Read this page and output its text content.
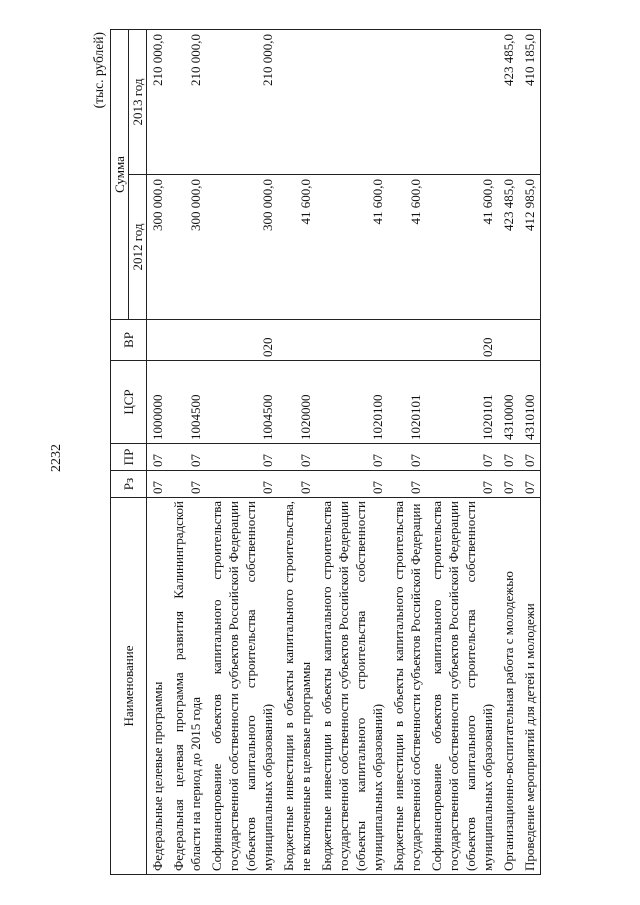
2232
(тыс. рублей)
Наименование	Рз	ПР	ЦСР	ВР	Сумма	
					2012 год	2013 год
Федеральные целевые программы	07	07	1000000		300 000,0	210 000,0
Федеральная целевая программа развития Калининградской области на период до 2015 года	07	07	1004500		300 000,0	210 000,0
Софинансирование объектов капитального строительства государственной собственности субъектов Российской Федерации (объектов капитального строительства собственности муниципальных образований)	07	07	1004500	020	300 000,0	210 000,0
Бюджетные инвестиции в объекты капитального строительства, не включенные в целевые программы	07	07	1020000		41 600,0	
Бюджетные инвестиции в объекты капитального строительства государственной собственности субъектов Российской Федерации (объекты капитального строительства собственности муниципальных образований)	07	07	1020100		41 600,0	
Бюджетные инвестиции в объекты капитального строительства государственной собственности субъектов Российской Федерации	07	07	1020101		41 600,0	
Софинансирование объектов капитального строительства государственной собственности субъектов Российской Федерации (объектов капитального строительства собственности муниципальных образований)	07	07	1020101	020	41 600,0	
Организационно-воспитательная работа с молодежью	07	07	4310000		423 485,0	423 485,0
Проведение мероприятий для детей и молодежи	07	07	4310100		412 985,0	410 185,0
